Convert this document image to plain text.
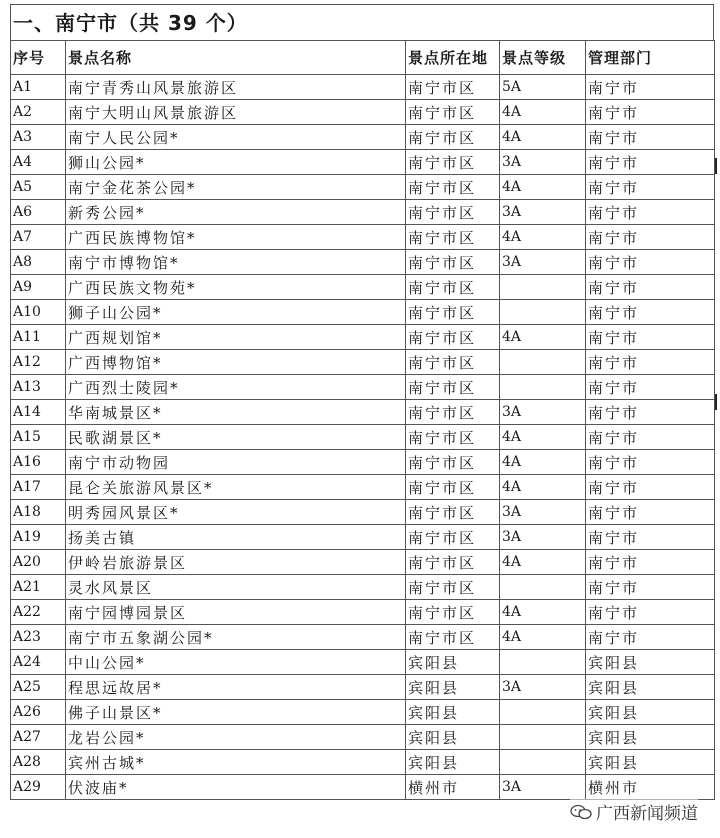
一、南宁市（共 39 个）
序号	景点名称	景点所在地	景点等级	管理部门
A1	南宁青秀山风景旅游区	南宁市区	5A	南宁市
A2	南宁大明山风景旅游区	南宁市区	4A	南宁市
A3	南宁人民公园*	南宁市区	4A	南宁市
A4	狮山公园*	南宁市区	3A	南宁市
A5	南宁金花茶公园*	南宁市区	4A	南宁市
A6	新秀公园*	南宁市区	3A	南宁市
A7	广西民族博物馆*	南宁市区	4A	南宁市
A8	南宁市博物馆*	南宁市区	3A	南宁市
A9	广西民族文物苑*	南宁市区		南宁市
A10	狮子山公园*	南宁市区		南宁市
A11	广西规划馆*	南宁市区	4A	南宁市
A12	广西博物馆*	南宁市区		南宁市
A13	广西烈士陵园*	南宁市区		南宁市
A14	华南城景区*	南宁市区	3A	南宁市
A15	民歌湖景区*	南宁市区	4A	南宁市
A16	南宁市动物园	南宁市区	4A	南宁市
A17	昆仑关旅游风景区*	南宁市区	4A	南宁市
A18	明秀园风景区*	南宁市区	3A	南宁市
A19	扬美古镇	南宁市区	3A	南宁市
A20	伊岭岩旅游景区	南宁市区	4A	南宁市
A21	灵水风景区	南宁市区		南宁市
A22	南宁园博园景区	南宁市区	4A	南宁市
A23	南宁市五象湖公园*	南宁市区	4A	南宁市
A24	中山公园*	宾阳县		宾阳县
A25	程思远故居*	宾阳县	3A	宾阳县
A26	佛子山景区*	宾阳县		宾阳县
A27	龙岩公园*	宾阳县		宾阳县
A28	宾州古城*	宾阳县		宾阳县
A29	伏波庙*	横州市	3A	横州市
广西新闻频道
